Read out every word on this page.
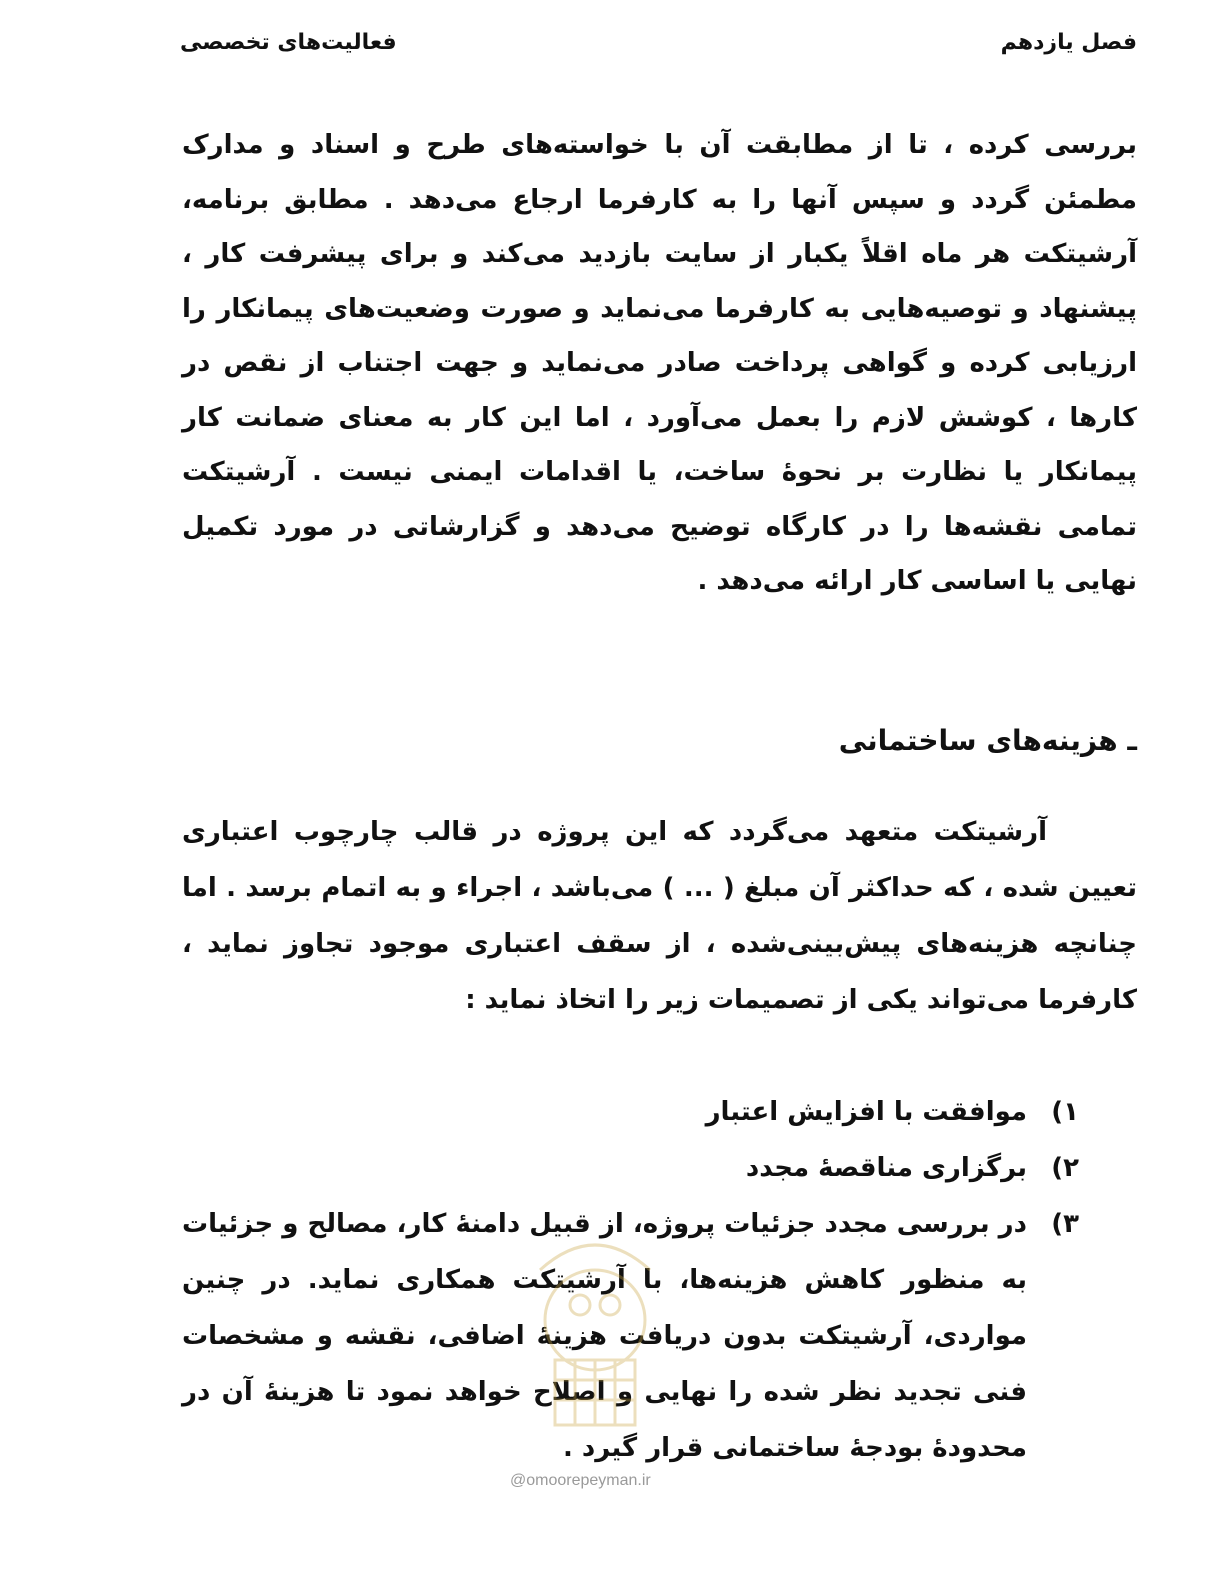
فصل یازدهم
فعالیت‌های تخصصی
بررسی کرده ، تا از مطابقت آن با خواسته‌های طرح و اسناد و مدارک مطمئن گردد و سپس آنها را به کارفرما ارجاع می‌دهد . مطابق برنامه، آرشیتکت هر ماه اقلاً یکبار از سایت بازدید می‌کند و برای پیشرفت کار ، پیشنهاد و توصیه‌هایی به کارفرما می‌نماید و صورت وضعیت‌های پیمانکار را ارزیابی کرده و گواهی پرداخت صادر می‌نماید و جهت اجتناب از نقص در کارها ، کوشش لازم را بعمل می‌آورد ، اما این کار به معنای ضمانت کار پیمانکار یا نظارت بر نحوهٔ ساخت، یا اقدامات ایمنی نیست . آرشیتکت تمامی نقشه‌ها را در کارگاه توضیح می‌دهد و گزارشاتی در مورد تکمیل نهایی یا اساسی کار ارائه می‌دهد .
ـ هزینه‌های ساختمانی
آرشیتکت متعهد می‌گردد که این پروژه در قالب چارچوب اعتباری تعیین شده ، که حداکثر آن مبلغ ( ... ) می‌باشد ، اجراء و به اتمام برسد . اما چنانچه هزینه‌های پیش‌بینی‌شده ، از سقف اعتباری موجود تجاوز نماید ، کارفرما می‌تواند یکی از تصمیمات زیر را اتخاذ نماید :
۱)
موافقت با افزایش اعتبار
۲)
برگزاری مناقصهٔ مجدد
۳)
در بررسی مجدد جزئیات پروژه، از قبیل دامنهٔ کار، مصالح و جزئیات به منظور کاهش هزینه‌ها، با آرشیتکت همکاری نماید. در چنین مواردی، آرشیتکت بدون دریافت هزینهٔ اضافی، نقشه و مشخصات فنی تجدید نظر شده را نهایی و اصلاح خواهد نمود تا هزینهٔ آن در محدودهٔ بودجهٔ ساختمانی قرار گیرد .
@omoorepeyman.ir
